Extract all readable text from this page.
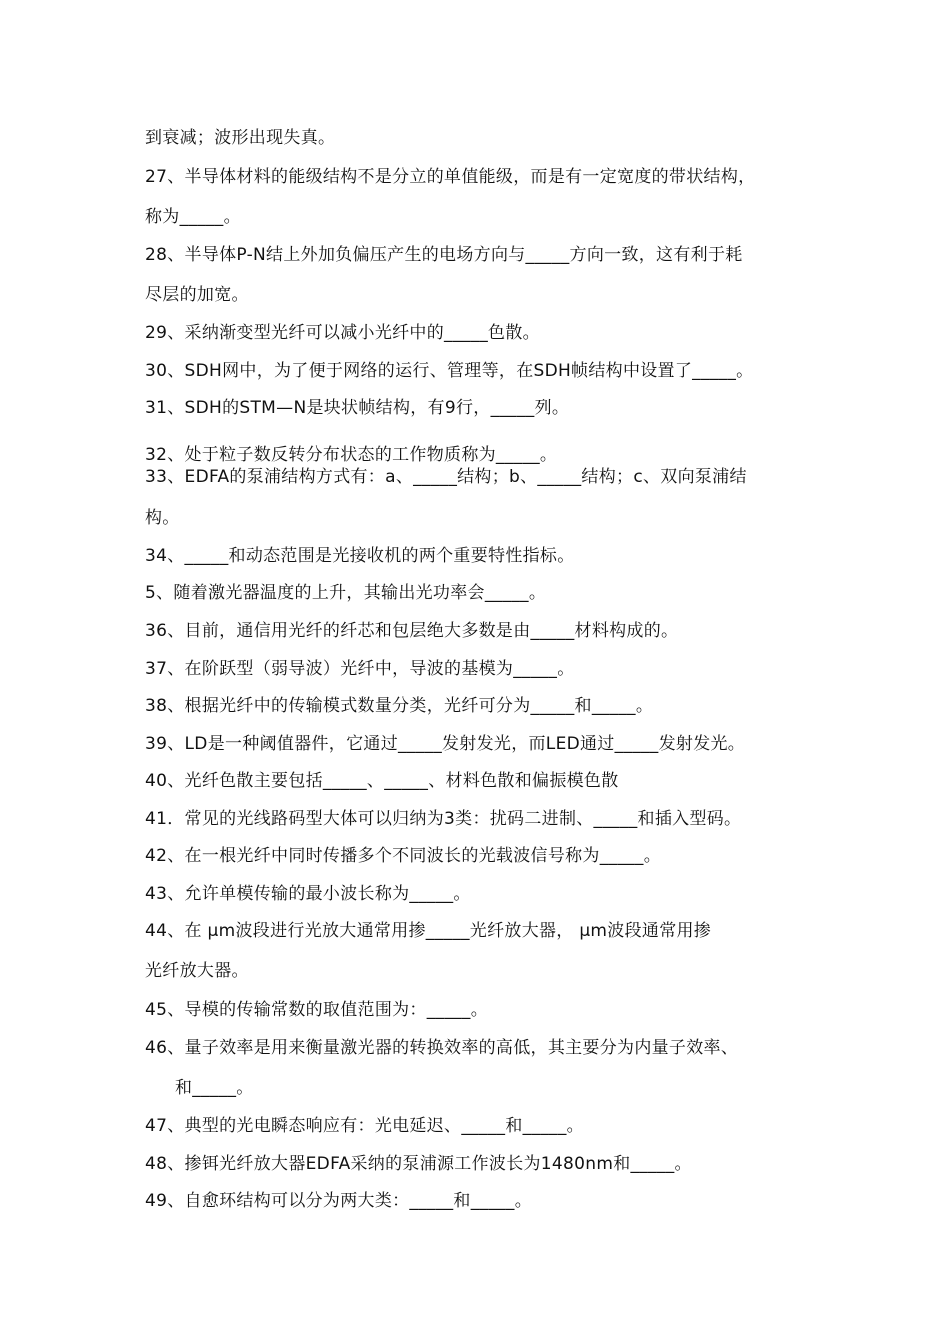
到衰减；波形出现失真。
27、半导体材料的能级结构不是分立的单值能级，而是有一定宽度的带状结构，
称为_____。
28、半导体P-N结上外加负偏压产生的电场方向与_____方向一致，这有利于耗
尽层的加宽。
29、采纳渐变型光纤可以减小光纤中的_____色散。
30、SDH网中，为了便于网络的运行、管理等，在SDH帧结构中设置了_____。
31、SDH的STM—N是块状帧结构，有9行，_____列。
32、处于粒子数反转分布状态的工作物质称为_____。
33、EDFA的泵浦结构方式有：a、_____结构；b、_____结构；c、双向泵浦结
构。
34、_____和动态范围是光接收机的两个重要特性指标。
5、随着激光器温度的上升，其输出光功率会_____。
36、目前，通信用光纤的纤芯和包层绝大多数是由_____材料构成的。
37、在阶跃型（弱导波）光纤中，导波的基模为_____。
38、根据光纤中的传输模式数量分类，光纤可分为_____和_____。
39、LD是一种阈值器件，它通过_____发射发光，而LED通过_____发射发光。
40、光纤色散主要包括_____、_____、材料色散和偏振模色散
41．常见的光线路码型大体可以归纳为3类：扰码二进制、_____和插入型码。
42、在一根光纤中同时传播多个不同波长的光载波信号称为_____。
43、允许单模传输的最小波长称为_____。
44、在 μm波段进行光放大通常用掺_____光纤放大器， μm波段通常用掺
光纤放大器。
45、导模的传输常数的取值范围为：_____。
46、量子效率是用来衡量激光器的转换效率的高低，其主要分为内量子效率、
和_____。
47、典型的光电瞬态响应有：光电延迟、_____和_____。
48、掺铒光纤放大器EDFA采纳的泵浦源工作波长为1480nm和_____。
49、自愈环结构可以分为两大类：_____和_____。
